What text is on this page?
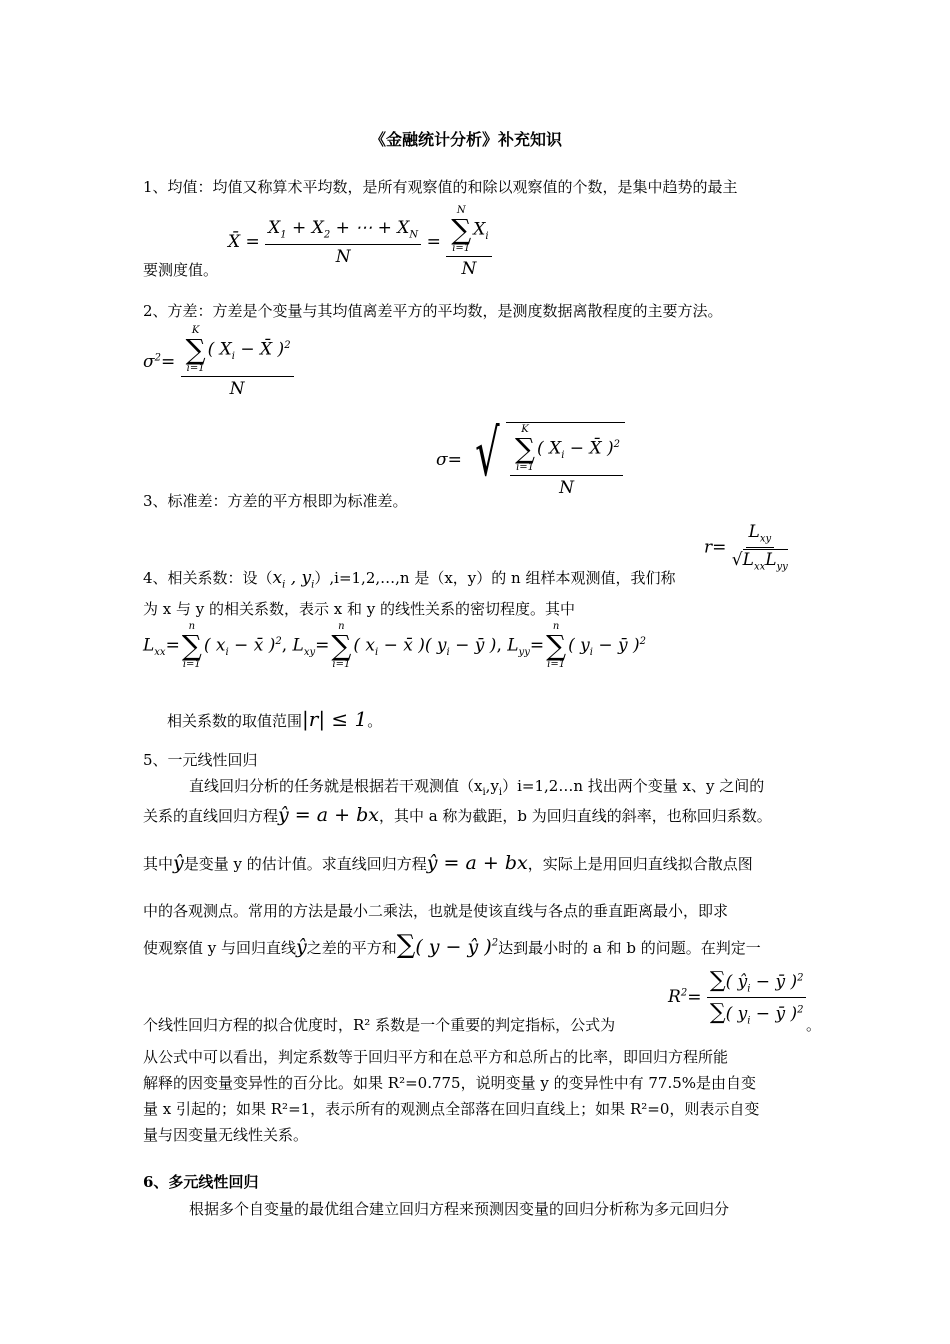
《金融统计分析》补充知识
1、均值：均值又称算术平均数，是所有观察值的和除以观察值的个数，是集中趋势的最主
要测度值。
X̄ = $\frac{X_1 + X_2 + \cdots + X_N}{N} = N$
∑
i=1
$X_i$
N
2、方差：方差是个变量与其均值离差平方的平均数，是测度数据离散程度的主要方法。
$\sigma^2= K$
∑
i=1
( $X_i$ − X̄ )$^2$
N
3、标准差：方差的平方根即为标准差。
σ= √ K
∑
i=1
( $X_i$ − X̄ )$^2$
N
4、相关系数：设（$x_i$ , $y_i),i=1,2,\dots,n$ 是（x，y）的 n 组样本观测值，我们称
$r= \frac{L_{xy}}{√L_{xx}L_{yy}}$
为 x 与 y 的相关系数，表示 x 和 y 的线性关系的密切程度。其中
$L_{xx}=$
n
∑
i=1
( $x_i$ − x̄ )$^2$, $L_{xy}=$
n
∑
i=1
( $x_i$ − x̄ )( $y_i$ − ȳ ), $L_{yy}=$
n
∑
i=1
( $y_i$ − ȳ )$^2$
相关系数的取值范围|r| ≤ 1。
5、一元线性回归
直线回归分析的任务就是根据若干观测值$(x_i,y_i)i=1,2\dots n$ 找出两个变量 x、y 之间的
关系的直线回归方程ŷ = a + bx，其中 a 称为截距，b 为回归直线的斜率，也称回归系数。
其中ŷ是变量 y 的估计值。求直线回归方程ŷ = a + bx，实际上是用回归直线拟合散点图
中的各观测点。常用的方法是最小二乘法，也就是使该直线与各点的垂直距离最小，即求
使观察值 y 与回归直线ŷ之差的平方和∑( y − ŷ )$^2$达到最小时的 a 和 b 的问题。在判定一
$R^2= \frac{\sum( ŷ_i - ȳ )^2}{\sum( y_i - ȳ )^2}$
个线性回归方程的拟合优度时，R² 系数是一个重要的判定指标，公式为	。
从公式中可以看出，判定系数等于回归平方和在总平方和总所占的比率，即回归方程所能
解释的因变量变异性的百分比。如果 R²=0.775，说明变量 y 的变异性中有 77.5%是由自变
量 x 引起的；如果 R²=1，表示所有的观测点全部落在回归直线上；如果 R²=0，则表示自变
量与因变量无线性关系。
6、多元线性回归
根据多个自变量的最优组合建立回归方程来预测因变量的回归分析称为多元回归分
